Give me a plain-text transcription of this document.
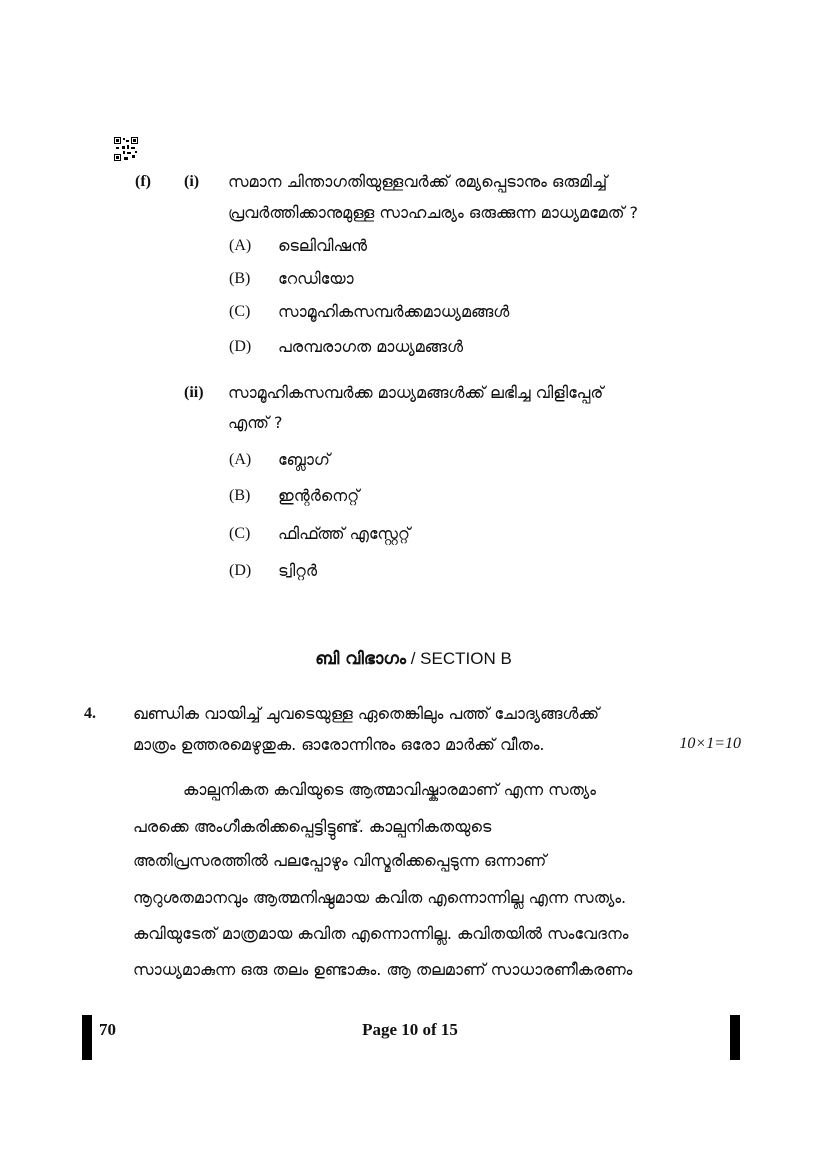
(f) (i) സമാന ചിന്താഗതിയുള്ളവർക്ക് രമ്യപ്പെടാനും ഒരുമിച്ച്
പ്രവർത്തിക്കാനുമുള്ള സാഹചര്യം ഒരുക്കുന്ന മാധ്യമമേത് ?
(A) ടെലിവിഷൻ
(B) റേഡിയോ
(C) സാമൂഹികസമ്പർക്കമാധ്യമങ്ങൾ
(D) പരമ്പരാഗത മാധ്യമങ്ങൾ
(ii) സാമൂഹികസമ്പർക്ക മാധ്യമങ്ങൾക്ക് ലഭിച്ച വിളിപ്പേര്
എന്ത് ?
(A) ബ്ലോഗ്
(B) ഇന്റർനെറ്റ്
(C) ഫിഫ്ത്ത് എസ്റ്റേറ്റ്
(D) ട്വിറ്റർ
ബി വിഭാഗം / SECTION B
4. ഖണ്ഡിക വായിച്ച് ചുവടെയുള്ള ഏതെങ്കിലും പത്ത് ചോദ്യങ്ങൾക്ക്
മാത്രം ഉത്തരമെഴുതുക. ഓരോന്നിനും ഒരോ മാർക്ക് വീതം.	10×1=10
കാല്പനികത കവിയുടെ ആത്മാവിഷ്കാരമാണ് എന്ന സത്യം
പരക്കെ അംഗീകരിക്കപ്പെട്ടിട്ടുണ്ട്. കാല്പനികതയുടെ
അതിപ്രസരത്തിൽ പലപ്പോഴും വിസ്മരിക്കപ്പെടുന്ന ഒന്നാണ്
നൂറുശതമാനവും ആത്മനിഷ്ഠമായ കവിത എന്നൊന്നില്ല എന്ന സത്യം.
കവിയുടേത് മാത്രമായ കവിത എന്നൊന്നില്ല. കവിതയിൽ സംവേദനം
സാധ്യമാകുന്ന ഒരു തലം ഉണ്ടാകും. ആ തലമാണ് സാധാരണീകരണം
70	Page 10 of 15
